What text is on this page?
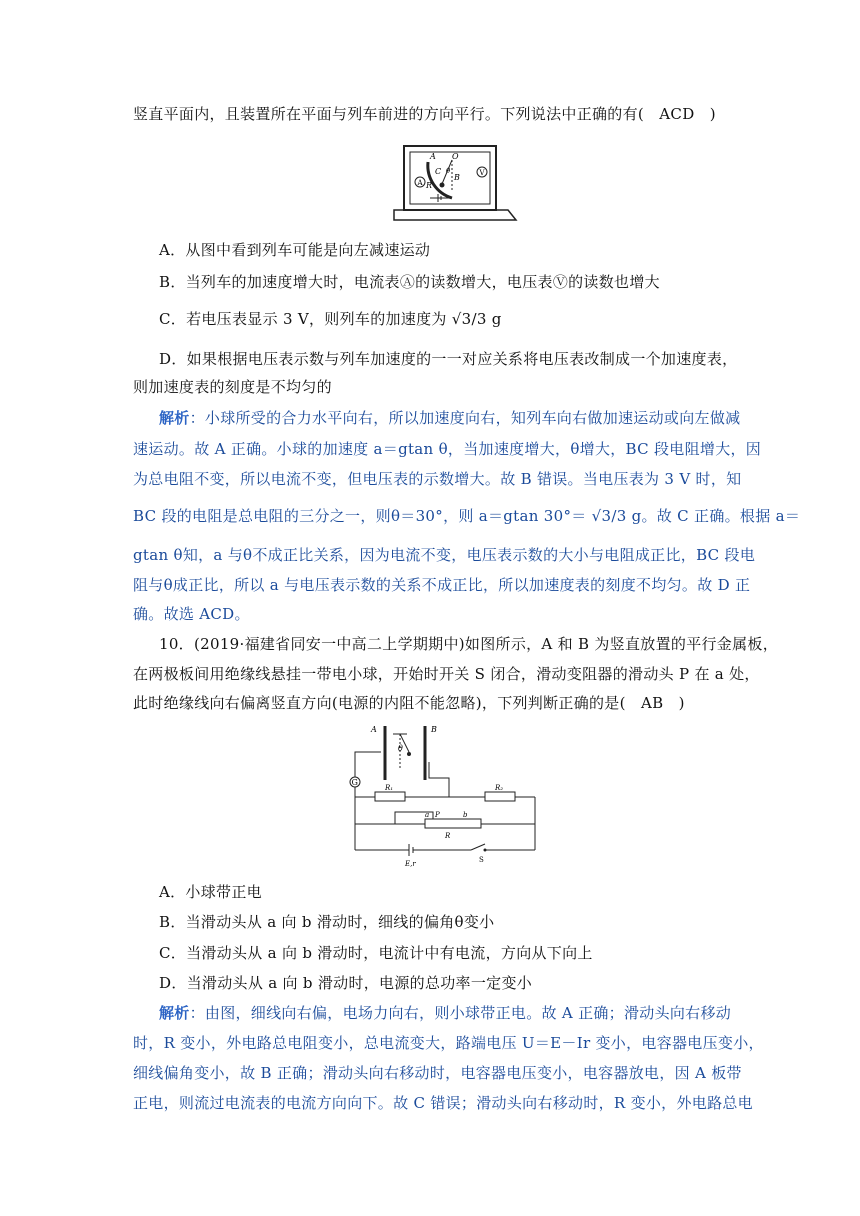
竖直平面内，且装置所在平面与列车前进的方向平行。下列说法中正确的有( ACD )
A O
C θ
B
R
A
V
A．从图中看到列车可能是向左减速运动
B．当列车的加速度增大时，电流表Ⓐ的读数增大，电压表Ⓥ的读数也增大
C．若电压表显示 3 V，则列车的加速度为 √3/3 g
D．如果根据电压表示数与列车加速度的一一对应关系将电压表改制成一个加速度表，
则加速度表的刻度是不均匀的
解析：小球所受的合力水平向右，所以加速度向右，知列车向右做加速运动或向左做减
速运动。故 A 正确。小球的加速度 a＝gtan θ，当加速度增大，θ增大，BC 段电阻增大，因
为总电阻不变，所以电流不变，但电压表的示数增大。故 B 错误。当电压表为 3 V 时，知
BC 段的电阻是总电阻的三分之一，则θ＝30°，则 a＝gtan 30°＝ √3/3 g。故 C 正确。根据 a＝
gtan θ知，a 与θ不成正比关系，因为电流不变，电压表示数的大小与电阻成正比，BC 段电
阻与θ成正比，所以 a 与电压表示数的关系不成正比，所以加速度表的刻度不均匀。故 D 正
确。故选 ACD。
10．(2019·福建省同安一中高二上学期期中)如图所示，A 和 B 为竖直放置的平行金属板，
在两极板间用绝缘线悬挂一带电小球，开始时开关 S 闭合，滑动变阻器的滑动头 P 在 a 处，
此时绝缘线向右偏离竖直方向(电源的内阻不能忽略)，下列判断正确的是( AB )
A	B
θ
G
R₁	R₂
a P	b
R
E,r	S
A．小球带正电
B．当滑动头从 a 向 b 滑动时，细线的偏角θ变小
C．当滑动头从 a 向 b 滑动时，电流计中有电流，方向从下向上
D．当滑动头从 a 向 b 滑动时，电源的总功率一定变小
解析：由图，细线向右偏，电场力向右，则小球带正电。故 A 正确；滑动头向右移动
时，R 变小，外电路总电阻变小，总电流变大，路端电压 U＝E－Ir 变小，电容器电压变小，
细线偏角变小，故 B 正确；滑动头向右移动时，电容器电压变小，电容器放电，因 A 板带
正电，则流过电流表的电流方向向下。故 C 错误；滑动头向右移动时，R 变小，外电路总电
